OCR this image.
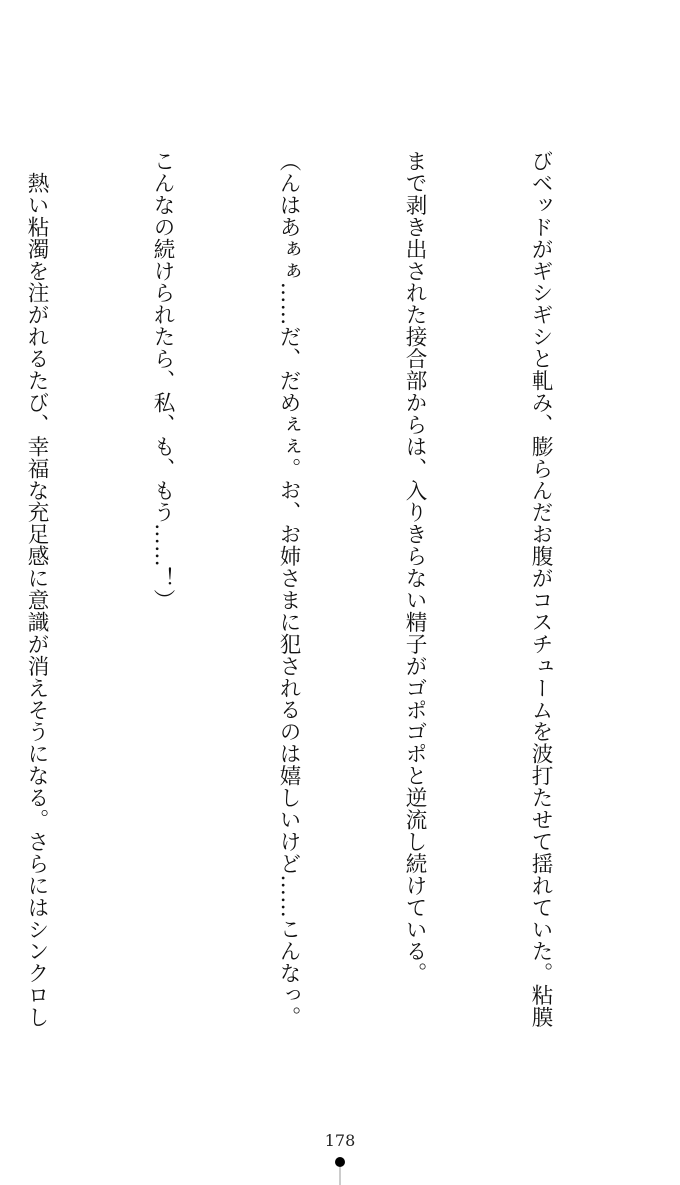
びベッドがギシギシと軋み、膨らんだお腹がコスチュームを波打たせて揺れていた。粘膜

まで剥き出された接合部からは、入りきらない精子がゴポゴポと逆流し続けている。

（んはあぁぁ……だ、だめぇぇ。お、お姉さまに犯されるのは嬉しいけど……こんなっ。

こんなの続けられたら、私、も、もう……！）

　熱い粘濁を注がれるたび、幸福な充足感に意識が消えそうになる。さらにはシンクロし

178
